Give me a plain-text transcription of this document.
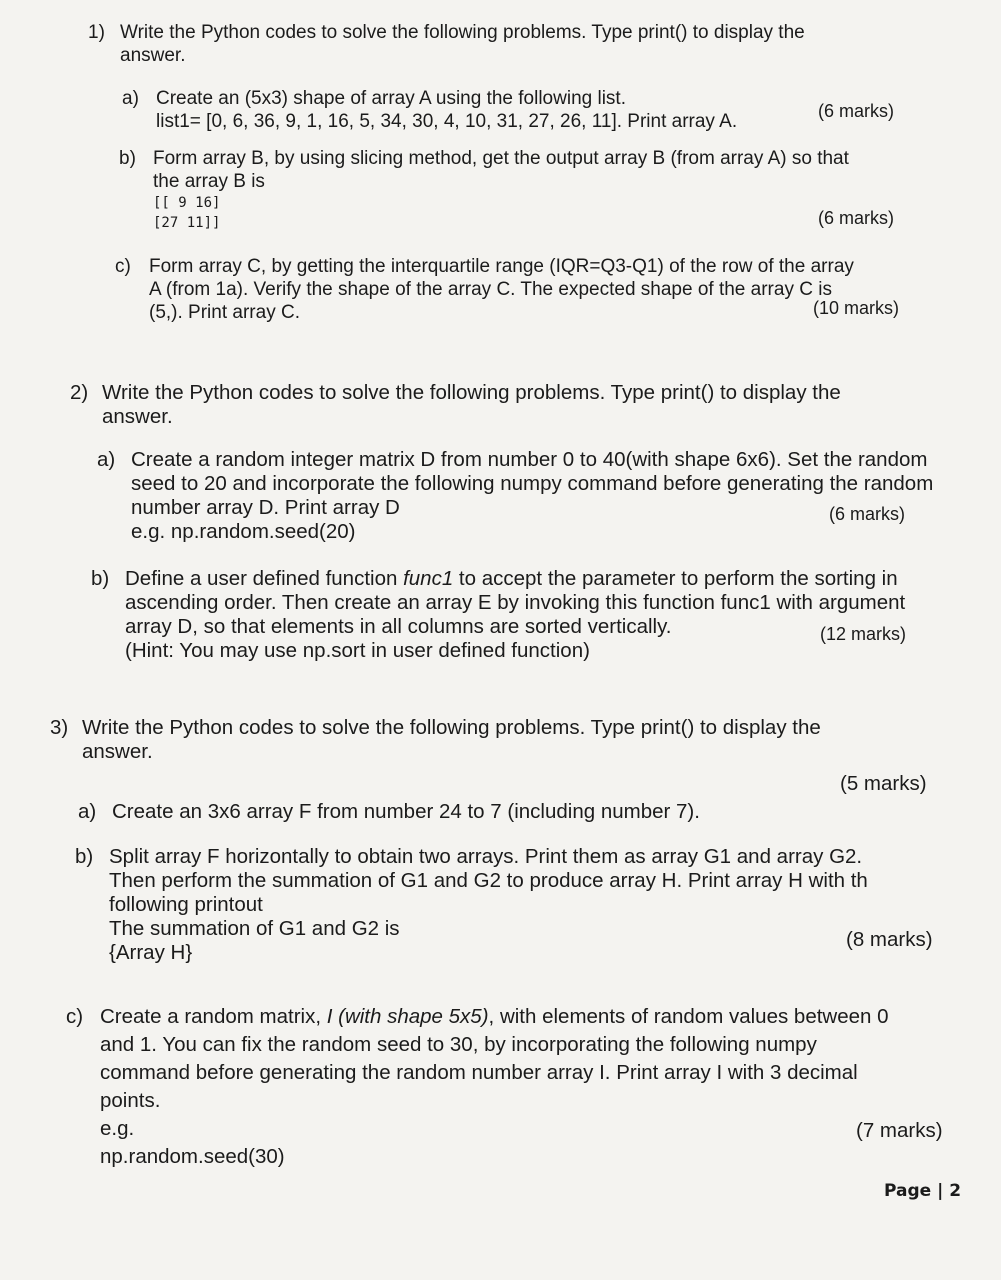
1) Write the Python codes to solve the following problems. Type print() to display the
answer.
a) Create an (5x3) shape of array A using the following list.
list1= [0, 6, 36, 9, 1, 16, 5, 34, 30, 4, 10, 31, 27, 26, 11]. Print array A.	(6 marks)
b) Form array B, by using slicing method, get the output array B (from array A) so that
the array B is
[[ 9 16]
[27 11]]	(6 marks)
c) Form array C, by getting the interquartile range (IQR=Q3-Q1) of the row of the array
A (from 1a). Verify the shape of the array C. The expected shape of the array C is
(5,). Print array C.	(10 marks)
2) Write the Python codes to solve the following problems. Type print() to display the
answer.
a) Create a random integer matrix D from number 0 to 40(with shape 6x6). Set the random
seed to 20 and incorporate the following numpy command before generating the random
number array D. Print array D
e.g. np.random.seed(20)
(6 marks)
b) Define a user defined function func1 to accept the parameter to perform the sorting in
ascending order. Then create an array E by invoking this function func1 with argument
array D, so that elements in all columns are sorted vertically.
(Hint: You may use np.sort in user defined function)
(12 marks)
3) Write the Python codes to solve the following problems. Type print() to display the
answer.
a) Create an 3x6 array F from number 24 to 7 (including number 7).
(5 marks)
b) Split array F horizontally to obtain two arrays. Print them as array G1 and array G2.
Then perform the summation of G1 and G2 to produce array H. Print array H with th
following printout
The summation of G1 and G2 is
{Array H}
(8 marks)
c) Create a random matrix, I (with shape 5x5), with elements of random values between 0
and 1. You can fix the random seed to 30, by incorporating the following numpy
command before generating the random number array I. Print array I with 3 decimal
points.
e.g.
np.random.seed(30)
(7 marks)
Page | 2
